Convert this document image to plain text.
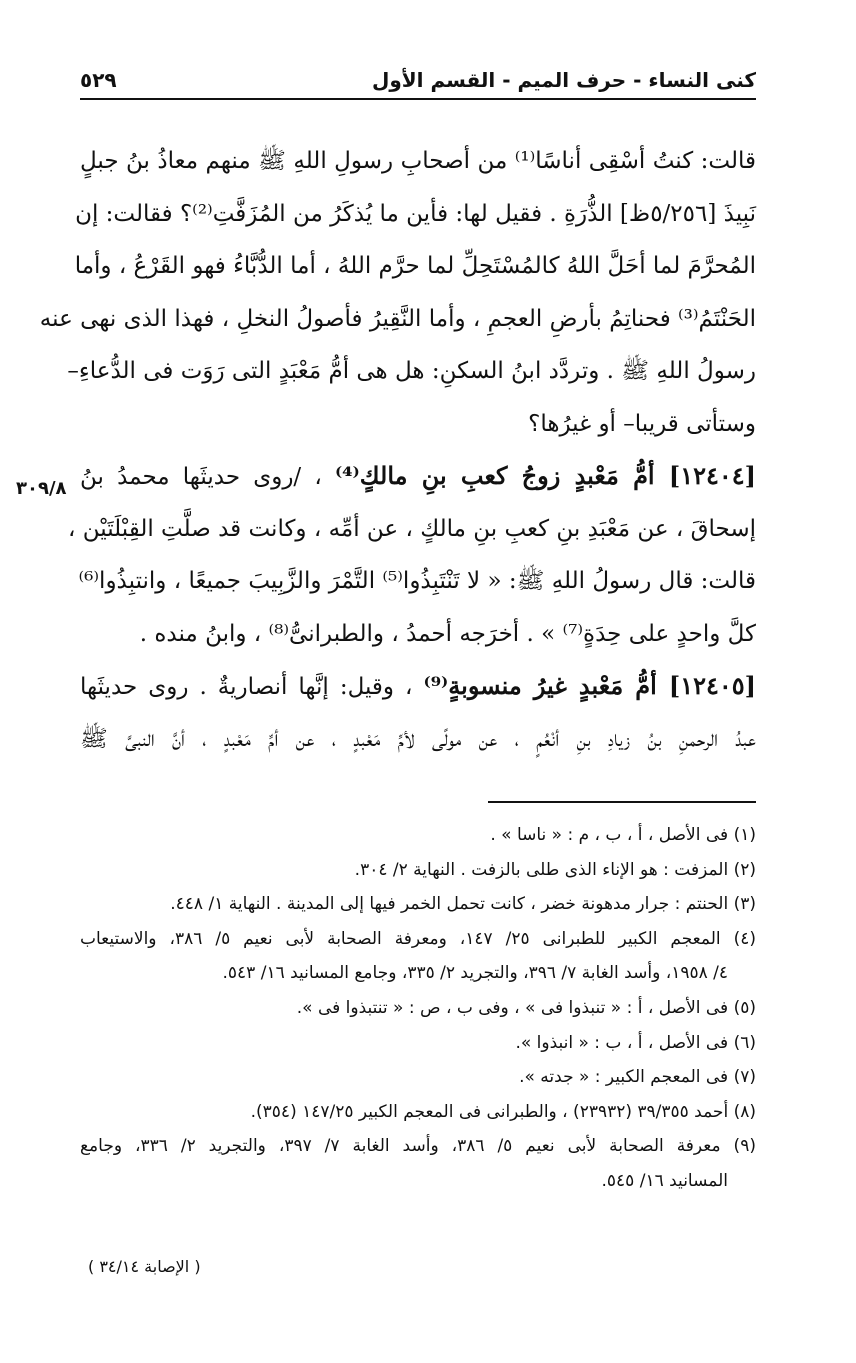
كنى النساء - حرف الميم - القسم الأول
٥٢٩
قالت: كنتُ أسْقِى أناسًا⁽¹⁾ من أصحابِ رسولِ اللهِ ﷺ منهم معاذُ بنُ جبلٍ
نَبِيذَ [٥/٢٥٦ظ] الذُّرَةِ . فقيل لها: فأين ما يُذكَرُ من المُزَفَّتِ⁽²⁾؟ فقالت: إن
المُحرَّمَ لما أحَلَّ اللهُ كالمُسْتَحِلِّ لما حرَّم اللهُ ، أما الدُّبَّاءُ فهو القَرْعُ ، وأما
الحَنْتَمُ⁽³⁾ فحناتِمُ بأرضِ العجمِ ، وأما النَّقِيرُ فأصولُ النخلِ ، فهذا الذى نهى عنه
رسولُ اللهِ ﷺ . وتردَّد ابنُ السكنِ: هل هى أمُّ مَعْبَدٍ التى رَوَت فى الدُّعاءِ–
وستأتى قريبا– أو غيرُها؟
[١٢٤٠٤] أمُّ مَعْبدٍ زوجُ كعبِ بنِ مالكٍ⁽⁴⁾ ، /روى حديثَها محمدُ بنُ
إسحاقَ ، عن مَعْبَدِ بنِ كعبِ بنِ مالكٍ ، عن أمِّه ، وكانت قد صلَّتِ القِبْلَتَيْن ،
قالت: قال رسولُ اللهِ ﷺ: « لا تَنْتَبِذُوا⁽⁵⁾ التَّمْرَ والزَّبِيبَ جميعًا ، وانتبِذُوا⁽⁶⁾
كلَّ واحدٍ على حِدَةٍ⁽⁷⁾ » . أخرَجه أحمدُ ، والطبرانىُّ⁽⁸⁾ ، وابنُ منده .
[١٢٤٠٥] أمُّ مَعْبدٍ غيرُ منسوبةٍ⁽⁹⁾ ، وقيل: إنَّها أنصاريةٌ . روى حديثَها
عبدُ الرحمنِ بنُ زيادِ بنِ أنْعُمٍ ، عن مولًى لأمِّ مَعْبدٍ ، عن أمِّ مَعْبدٍ ، أنَّ النبىَّ ﷺ
٣٠٩/٨
(١) فى الأصل ، أ ، ب ، م : « ناسا » .
(٢) المزفت : هو الإناء الذى طلى بالزفت . النهاية ٢/ ٣٠٤.
(٣) الحنتم : جرار مدهونة خضر ، كانت تحمل الخمر فيها إلى المدينة . النهاية ١/ ٤٤٨.
(٤) المعجم الكبير للطبرانى ٢٥/ ١٤٧، ومعرفة الصحابة لأبى نعيم ٥/ ٣٨٦، والاستيعاب
٤/ ١٩٥٨، وأسد الغابة ٧/ ٣٩٦، والتجريد ٢/ ٣٣٥، وجامع المسانيد ١٦/ ٥٤٣.
(٥) فى الأصل ، أ : « تنبذوا فى » ، وفى ب ، ص : « تنتبذوا فى ».
(٦) فى الأصل ، أ ، ب : « انبذوا ».
(٧) فى المعجم الكبير : « جدته ».
(٨) أحمد ٣٩/٣٥٥ (٢٣٩٣٢) ، والطبرانى فى المعجم الكبير ١٤٧/٢٥ (٣٥٤).
(٩) معرفة الصحابة لأبى نعيم ٥/ ٣٨٦، وأسد الغابة ٧/ ٣٩٧، والتجريد ٢/ ٣٣٦، وجامع
المسانيد ١٦/ ٥٤٥.
( الإصابة ٣٤/١٤ )
